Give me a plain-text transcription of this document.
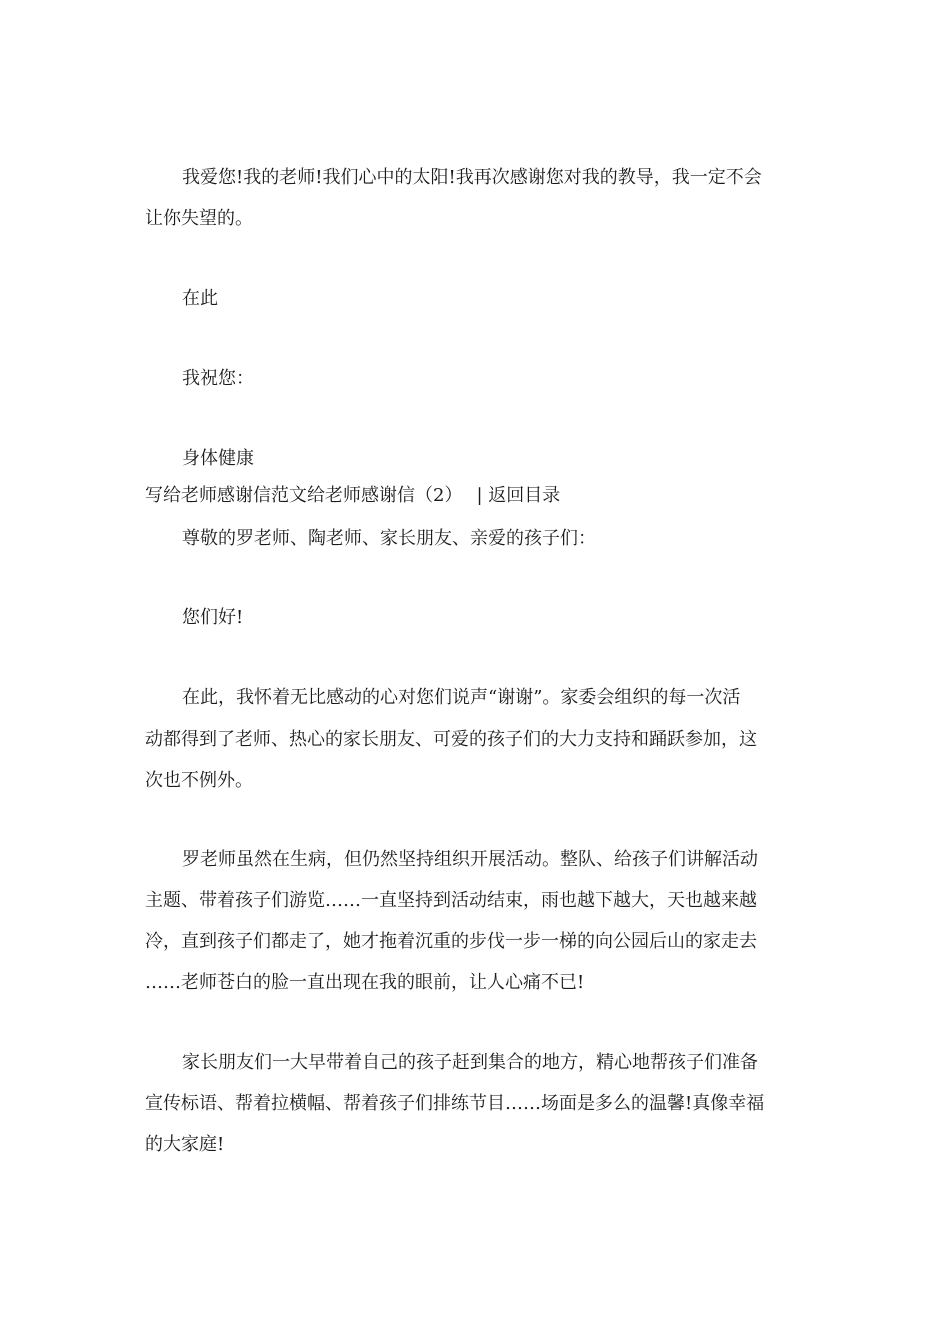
我爱您!我的老师!我们心中的太阳!我再次感谢您对我的教导，我一定不会
让你失望的。
在此
我祝您：
身体健康
写给老师感谢信范文给老师感谢信（2） | 返回目录
尊敬的罗老师、陶老师、家长朋友、亲爱的孩子们：
您们好!
在此，我怀着无比感动的心对您们说声“谢谢”。家委会组织的每一次活
动都得到了老师、热心的家长朋友、可爱的孩子们的大力支持和踊跃参加，这
次也不例外。
罗老师虽然在生病，但仍然坚持组织开展活动。整队、给孩子们讲解活动
主题、带着孩子们游览……一直坚持到活动结束，雨也越下越大，天也越来越
冷，直到孩子们都走了，她才拖着沉重的步伐一步一梯的向公园后山的家走去
……老师苍白的脸一直出现在我的眼前，让人心痛不已!
家长朋友们一大早带着自己的孩子赶到集合的地方，精心地帮孩子们准备
宣传标语、帮着拉横幅、帮着孩子们排练节目……场面是多么的温馨!真像幸福
的大家庭!
